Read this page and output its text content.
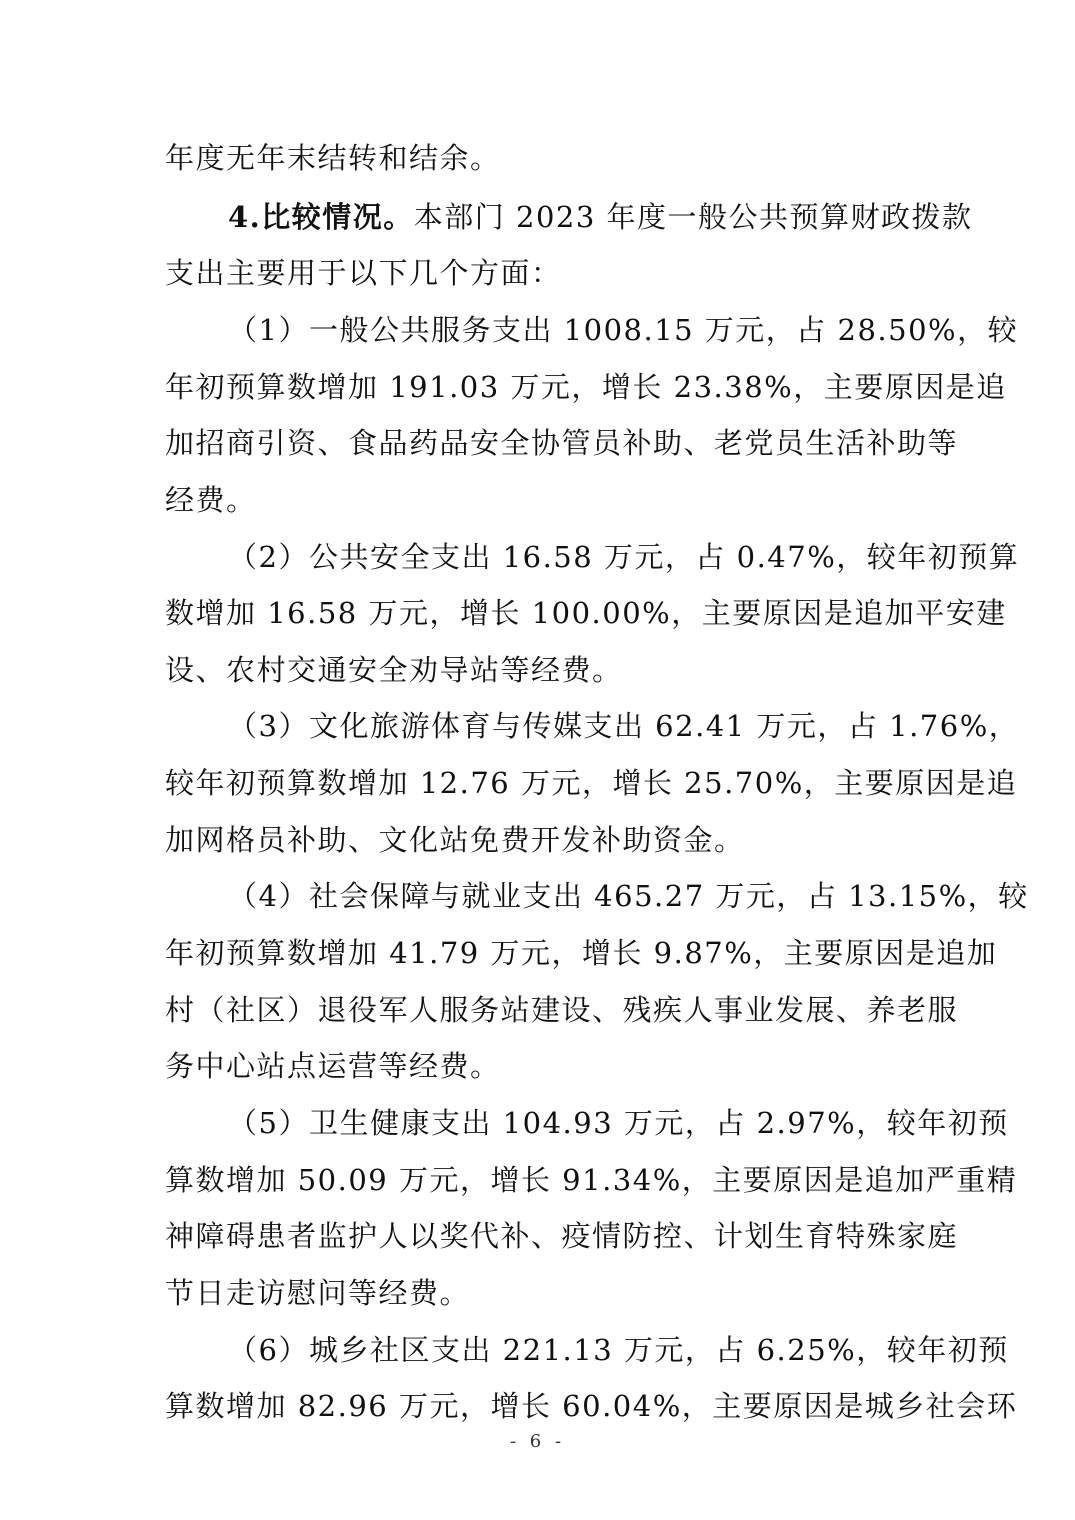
年度无年末结转和结余。
4.比较情况。本部门 2023 年度一般公共预算财政拨款
支出主要用于以下几个方面：
（1）一般公共服务支出 1008.15 万元，占 28.50%，较
年初预算数增加 191.03 万元，增长 23.38%，主要原因是追
加招商引资、食品药品安全协管员补助、老党员生活补助等
经费。
（2）公共安全支出 16.58 万元，占 0.47%，较年初预算
数增加 16.58 万元，增长 100.00%，主要原因是追加平安建
设、农村交通安全劝导站等经费。
（3）文化旅游体育与传媒支出 62.41 万元，占 1.76%，
较年初预算数增加 12.76 万元，增长 25.70%，主要原因是追
加网格员补助、文化站免费开发补助资金。
（4）社会保障与就业支出 465.27 万元，占 13.15%，较
年初预算数增加 41.79 万元，增长 9.87%，主要原因是追加
村（社区）退役军人服务站建设、残疾人事业发展、养老服
务中心站点运营等经费。
（5）卫生健康支出 104.93 万元，占 2.97%，较年初预
算数增加 50.09 万元，增长 91.34%，主要原因是追加严重精
神障碍患者监护人以奖代补、疫情防控、计划生育特殊家庭
节日走访慰问等经费。
（6）城乡社区支出 221.13 万元，占 6.25%，较年初预
算数增加 82.96 万元，增长 60.04%，主要原因是城乡社会环
- 6 -
